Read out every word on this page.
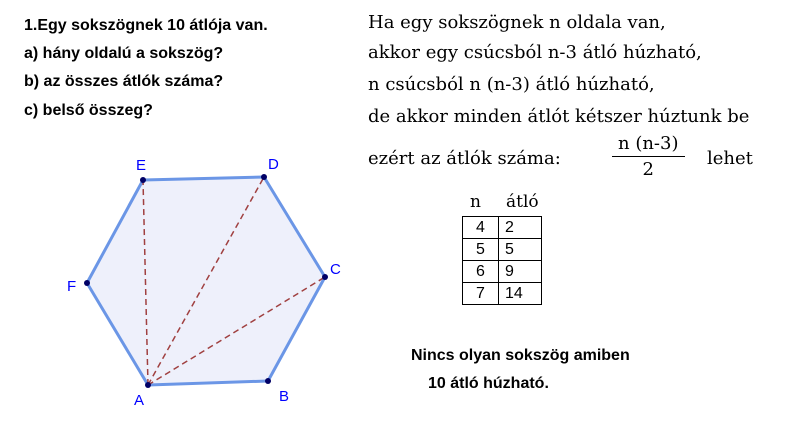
1.Egy sokszögnek 10 átlója van.
a) hány oldalú a sokszög?
b) az összes átlók száma?
c) belső összeg?
A	B
C
D
E
F
Ha egy sokszögnek n oldala van,
akkor egy csúcsból n-3 átló húzható,
n csúcsból n (n-3) átló húzható,
de akkor minden átlót kétszer húztunk be
ezért az átlók száma:	$\frac{n (n-3)}{2}$ lehet
n átló
4	2
5	5
6	9
7	14
Nincs olyan sokszög amiben
10 átló húzható.
